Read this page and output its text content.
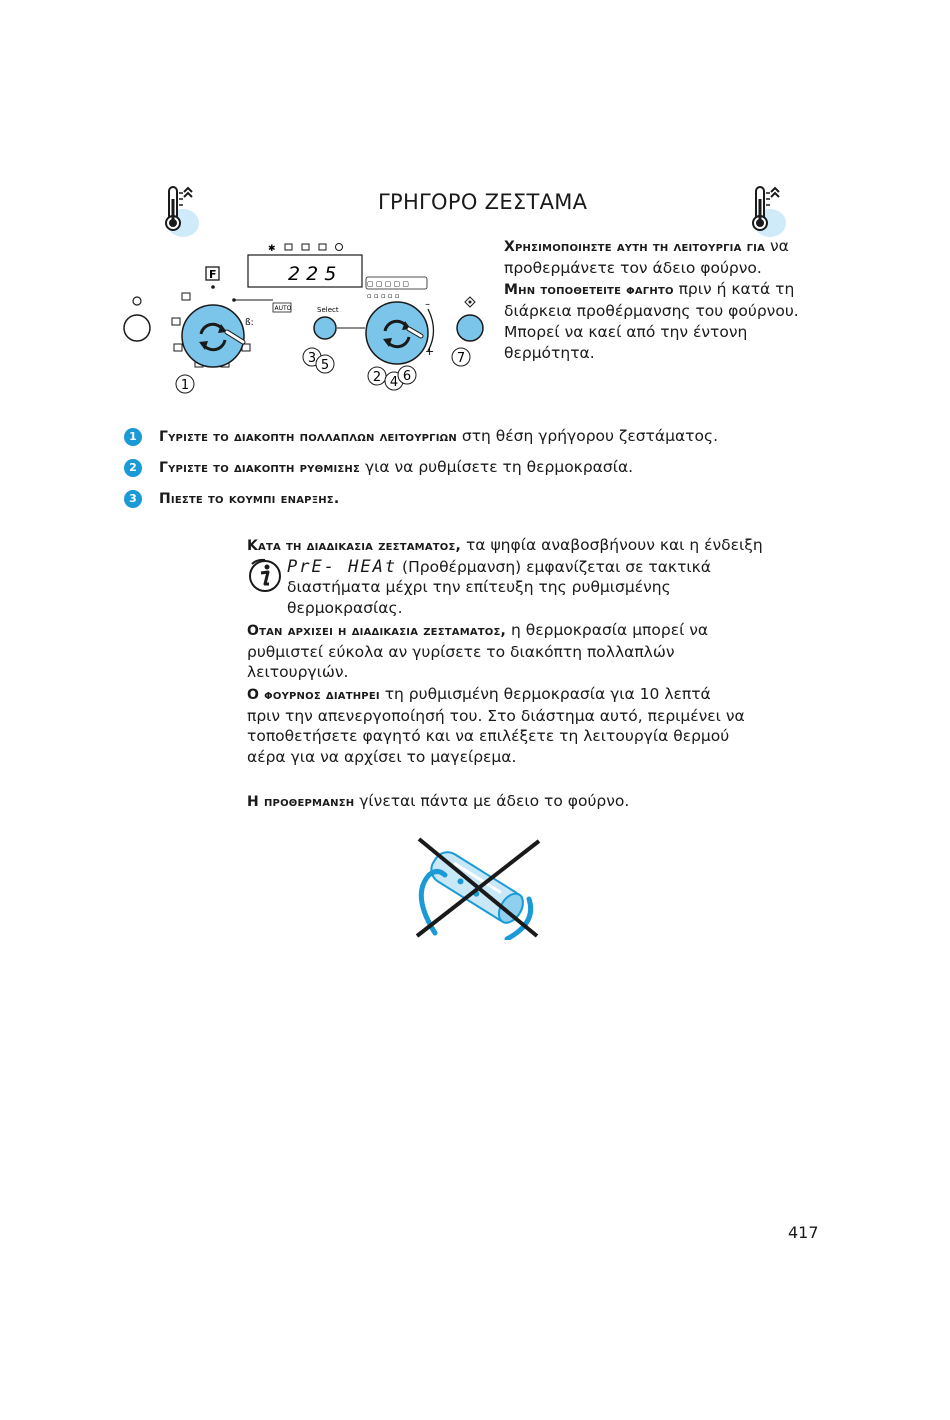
ΓΡΗΓΟΡΟ ΖΕΣΤΑΜΑ
ß:
F	2 2 5
✱
AUTO
▢ ▢ ▢ ▢ ▢
▫ ▫ ▫ ▫ ▫
Select	–
+
1
3 5
2 4 6
7
Χρησιμοποιηστε αυτη τη λειτουργια για να προθερμάνετε τον άδειο φούρνο.
Μην τοποθετειτε φαγητο πριν ή κατά τη διάρκεια προθέρμανσης του φούρνου. Μπορεί να καεί από την έντονη θερμότητα.
1 Γυριστε το διακοπτη πολλαπλων λειτουργιων στη θέση γρήγορου ζεστάματος.
2 Γυριστε το διακοπτη ρυθμισησ για να ρυθμίσετε τη θερμοκρασία.
3 Πιεστε το κουμπι εναρξησ.
Κατα τη διαδικασια ζεσταματοσ, τα ψηφία αναβοσβήνουν και η ένδειξη
PrE- HEAt (Προθέρμανση) εμφανίζεται σε τακτικά
διαστήματα μέχρι την επίτευξη της ρυθμισμένης θερμοκρασίας.
Οταν αρχισει η διαδικασια ζεσταματοσ, η θερμοκρασία μπορεί να ρυθμιστεί εύκολα αν γυρίσετε το διακόπτη πολλαπλών λειτουργιών.
Ο φουρνοσ διατηρει τη ρυθμισμένη θερμοκρασία για 10 λεπτά πριν την απενεργοποίησή του. Στο διάστημα αυτό, περιμένει να τοποθετήσετε φαγητό και να επιλέξετε τη λειτουργία θερμού αέρα για να αρχίσει το μαγείρεμα.
Η προθερμανση γίνεται πάντα με άδειο το φούρνο.
417
